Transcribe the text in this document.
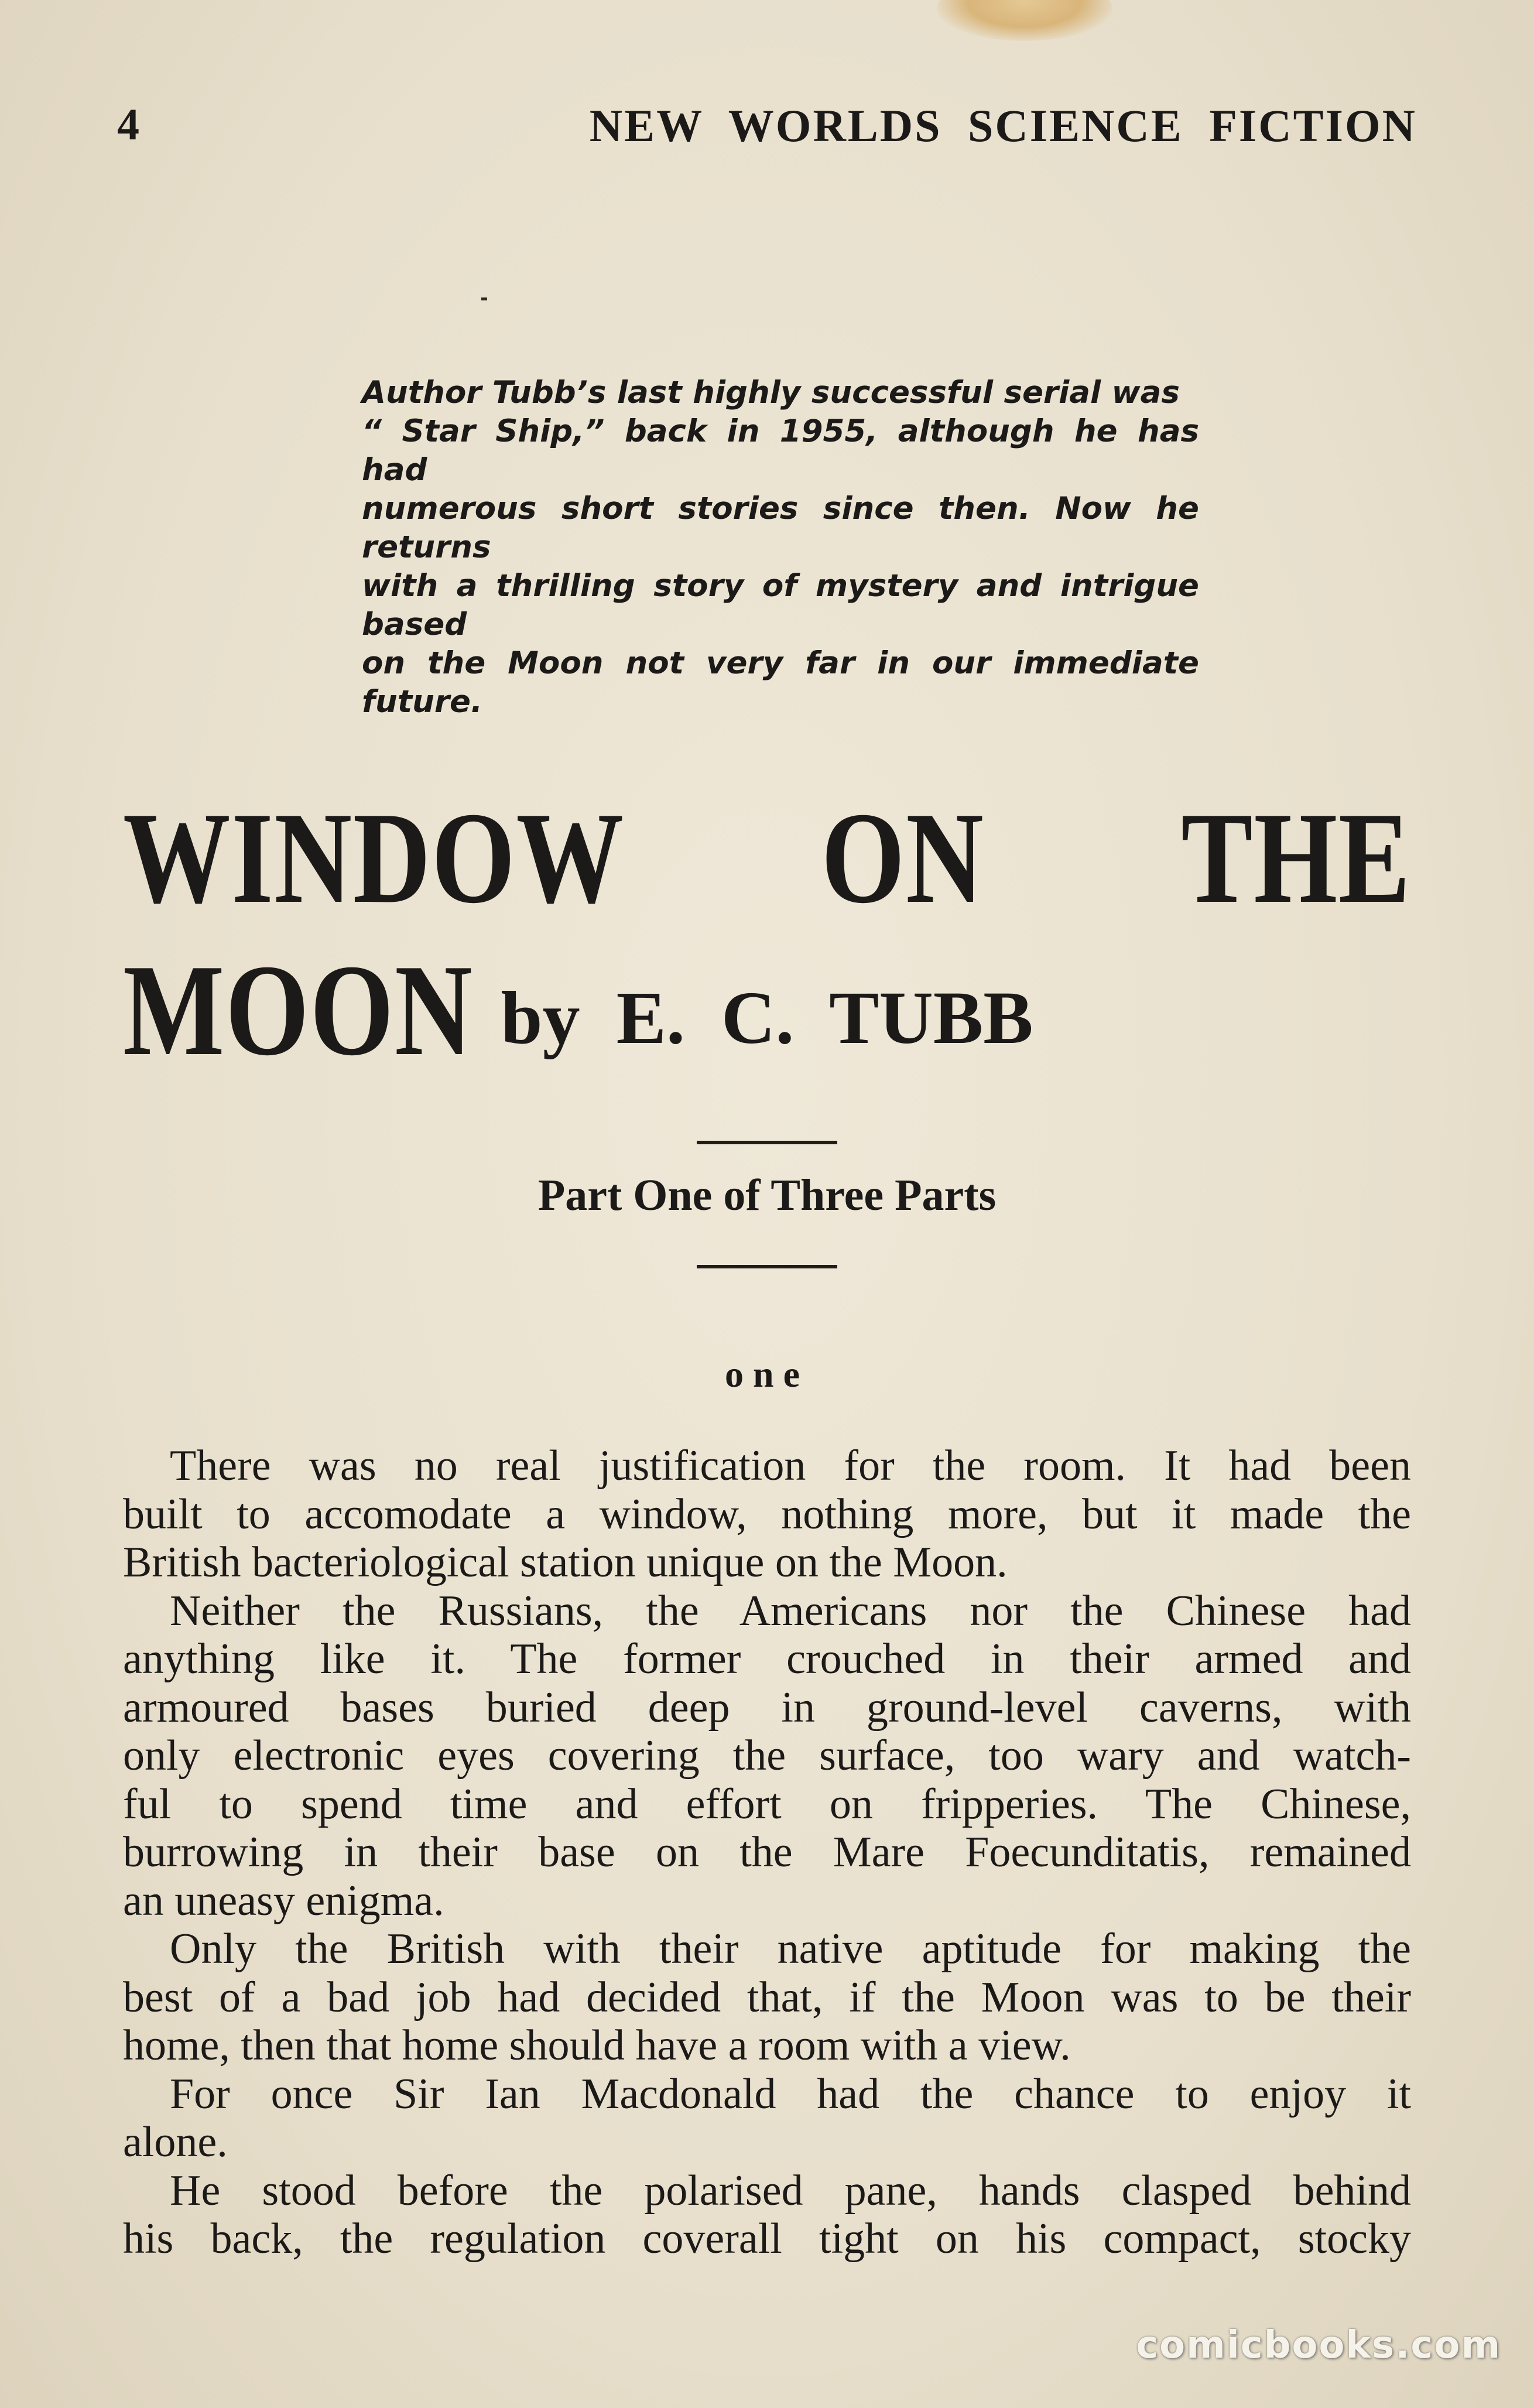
4	NEW WORLDS SCIENCE FICTION
Author Tubb’s last highly successful serial was
“ Star Ship,” back in 1955, although he has had
numerous short stories since then. Now he returns
with a thrilling story of mystery and intrigue based
on the Moon not very far in our immediate future.
WINDOW ON THE MOON by E. C. TUBB
Part One of Three Parts
one
There was no real justification for the room. It had been
built to accomodate a window, nothing more, but it made the
British bacteriological station unique on the Moon.
Neither the Russians, the Americans nor the Chinese had
anything like it. The former crouched in their armed and
armoured bases buried deep in ground-level caverns, with
only electronic eyes covering the surface, too wary and watch-
ful to spend time and effort on fripperies. The Chinese,
burrowing in their base on the Mare Foecunditatis, remained
an uneasy enigma.
Only the British with their native aptitude for making the
best of a bad job had decided that, if the Moon was to be their
home, then that home should have a room with a view.
For once Sir Ian Macdonald had the chance to enjoy it
alone.
He stood before the polarised pane, hands clasped behind
his back, the regulation coverall tight on his compact, stocky
comicbooks.com
